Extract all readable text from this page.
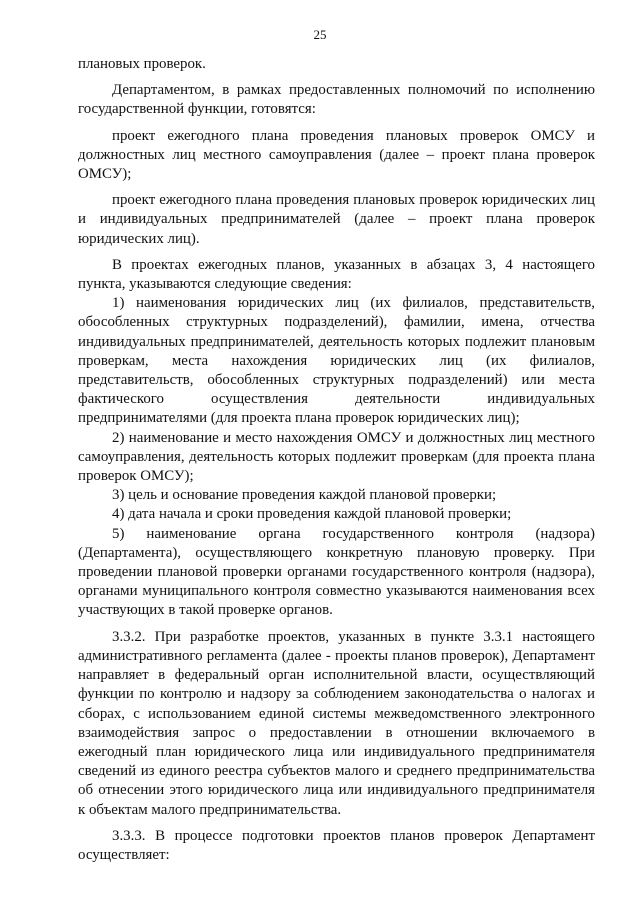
25

плановых проверок.

Департаментом, в рамках предоставленных полномочий по исполнению государственной функции, готовятся:

проект ежегодного плана проведения плановых проверок ОМСУ и должностных лиц местного самоуправления (далее – проект плана проверок ОМСУ);

проект ежегодного плана проведения плановых проверок юридических лиц и индивидуальных предпринимателей (далее – проект плана проверок юридических лиц).

В проектах ежегодных планов, указанных в абзацах 3, 4 настоящего пункта, указываются следующие сведения:

1) наименования юридических лиц (их филиалов, представительств, обособленных структурных подразделений), фамилии, имена, отчества индивидуальных предпринимателей, деятельность которых подлежит плановым проверкам, места нахождения юридических лиц (их филиалов, представительств, обособленных структурных подразделений) или места фактического осуществления деятельности индивидуальных предпринимателями (для проекта плана проверок юридических лиц);

2) наименование и место нахождения ОМСУ и должностных лиц местного самоуправления, деятельность которых подлежит проверкам (для проекта плана проверок ОМСУ);

3) цель и основание проведения каждой плановой проверки;

4) дата начала и сроки проведения каждой плановой проверки;

5) наименование органа государственного контроля (надзора) (Департамента), осуществляющего конкретную плановую проверку. При проведении плановой проверки органами государственного контроля (надзора), органами муниципального контроля совместно указываются наименования всех участвующих в такой проверке органов.

3.3.2. При разработке проектов, указанных в пункте 3.3.1 настоящего административного регламента (далее - проекты планов проверок), Департамент направляет в федеральный орган исполнительной власти, осуществляющий функции по контролю и надзору за соблюдением законодательства о налогах и сборах, с использованием единой системы межведомственного электронного взаимодействия запрос о предоставлении в отношении включаемого в ежегодный план юридического лица или индивидуального предпринимателя сведений из единого реестра субъектов малого и среднего предпринимательства об отнесении этого юридического лица или индивидуального предпринимателя к объектам малого предпринимательства.

3.3.3. В процессе подготовки проектов планов проверок Департамент осуществляет:
